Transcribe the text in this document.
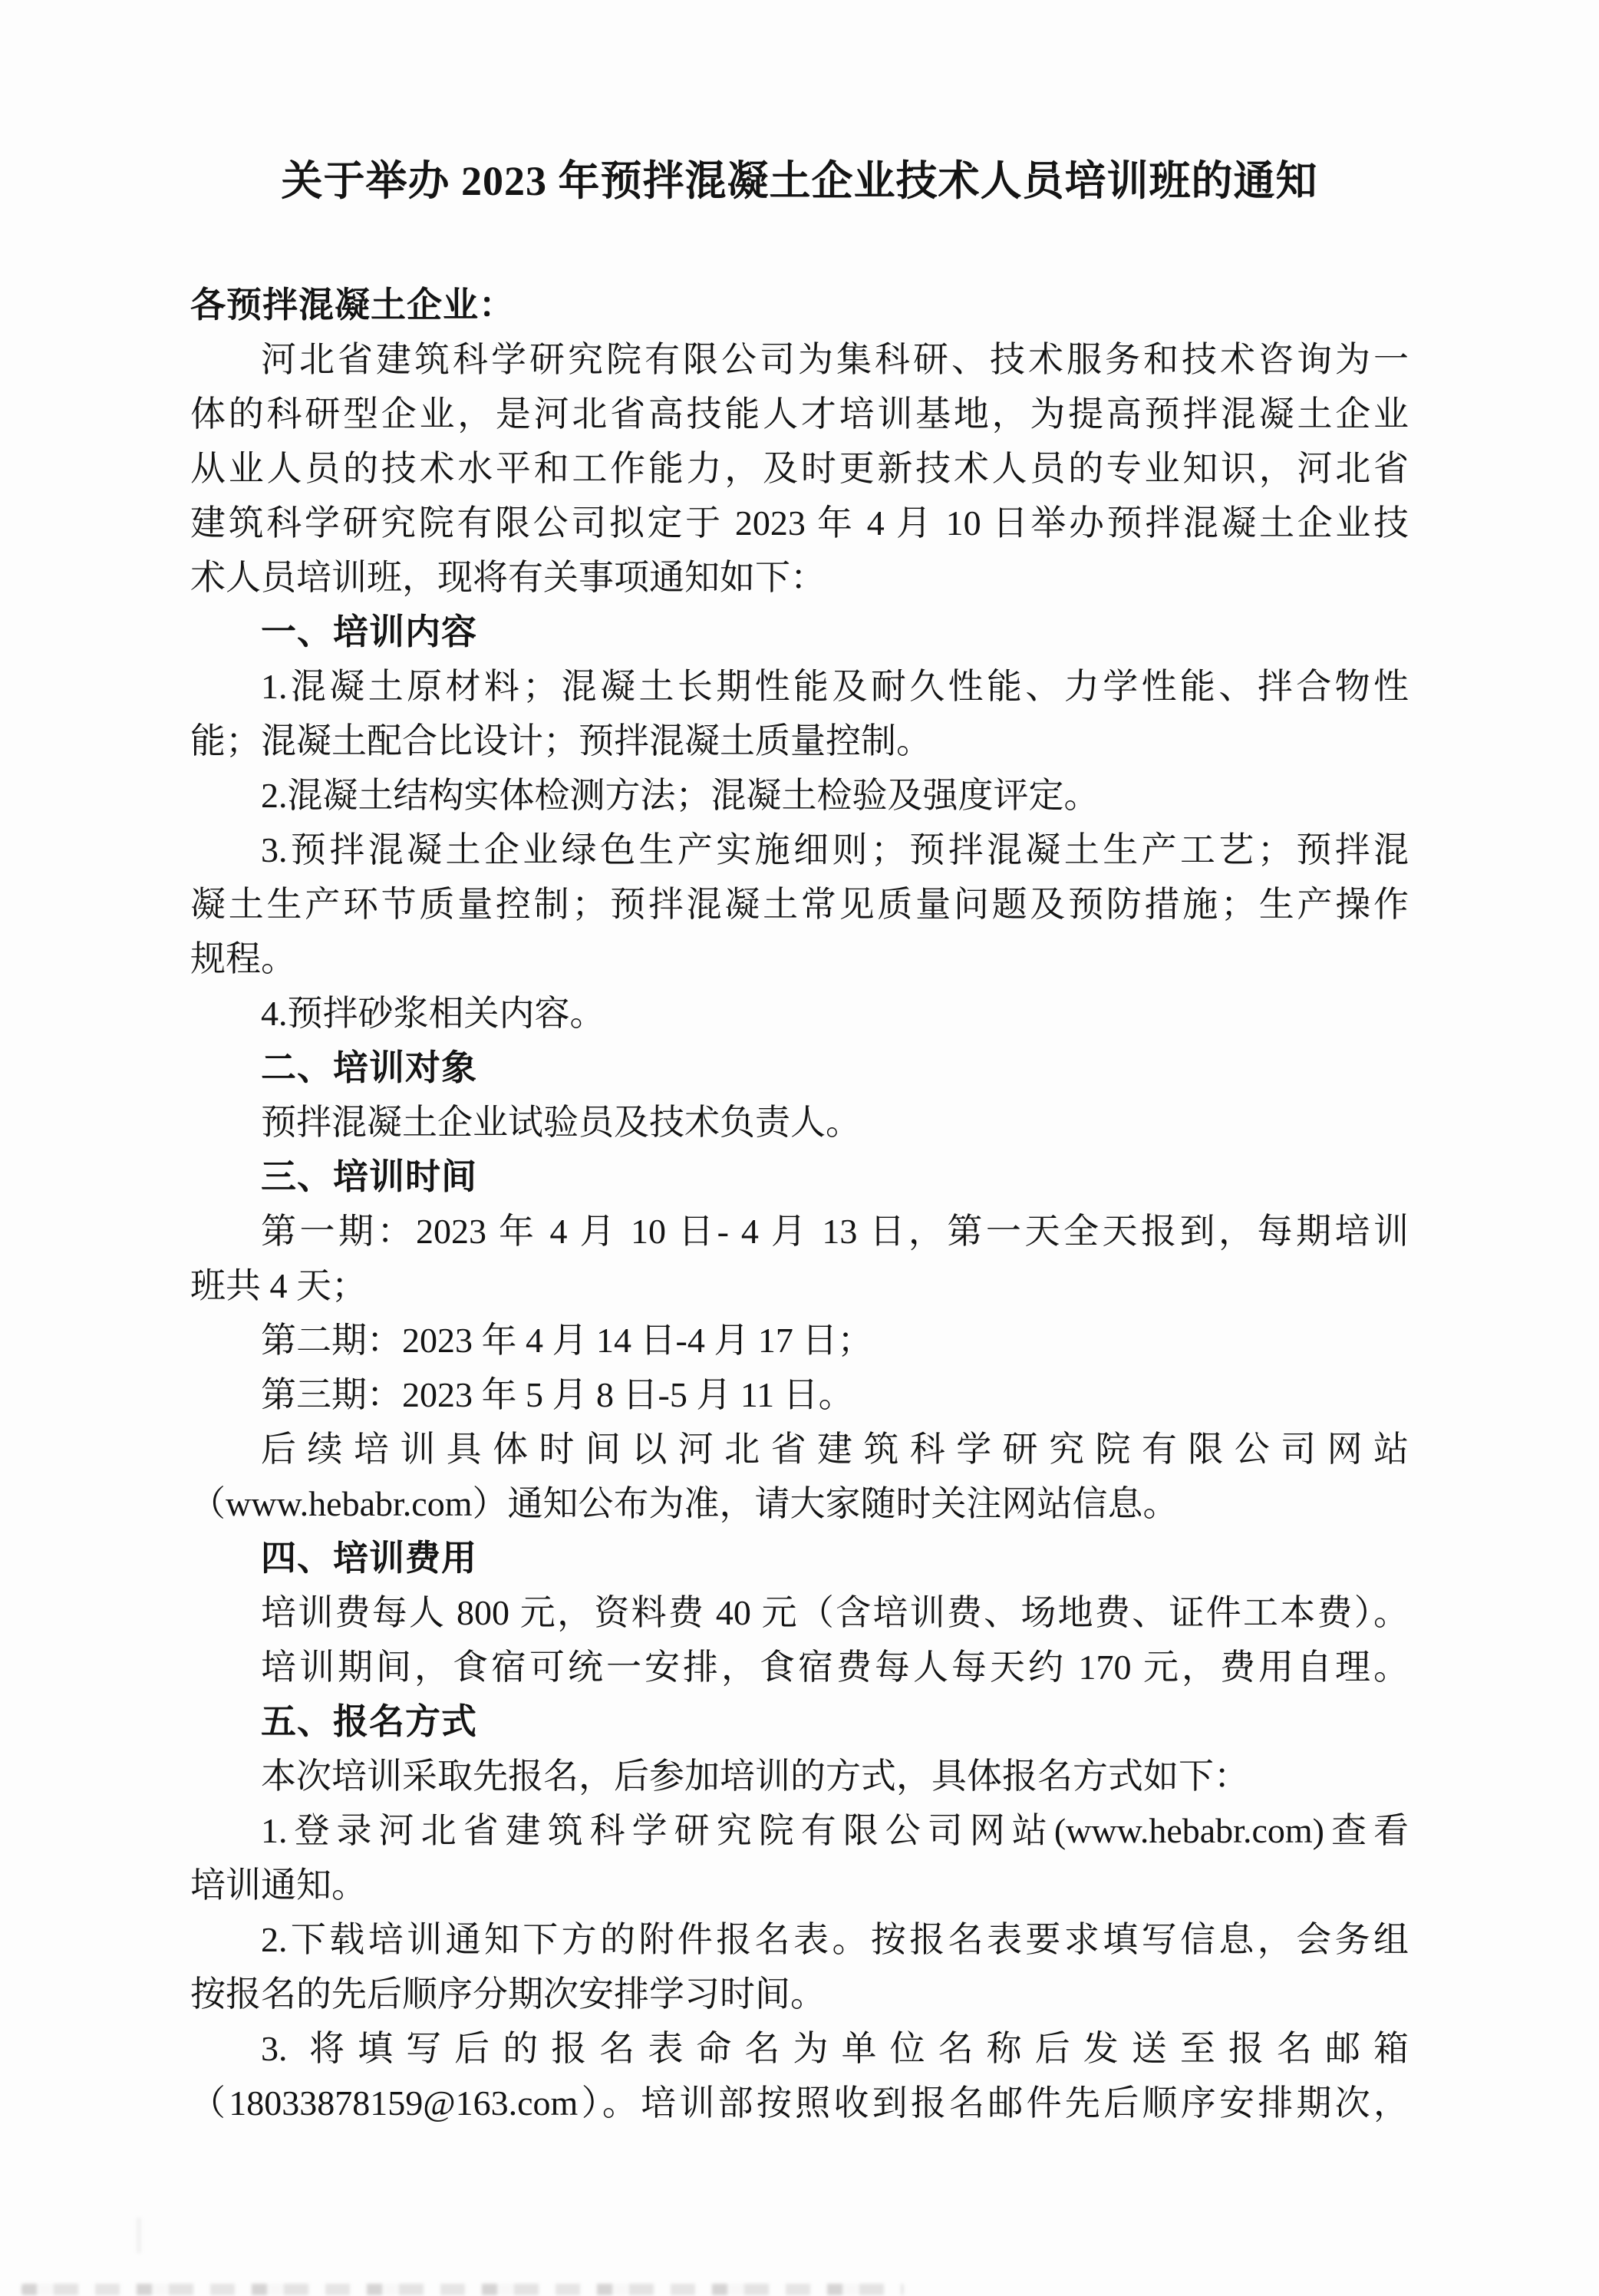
关于举办 2023 年预拌混凝土企业技术人员培训班的通知
各预拌混凝土企业：
河北省建筑科学研究院有限公司为集科研、技术服务和技术咨询为一
体的科研型企业，是河北省高技能人才培训基地，为提高预拌混凝土企业
从业人员的技术水平和工作能力，及时更新技术人员的专业知识，河北省
建筑科学研究院有限公司拟定于 2023 年 4 月 10 日举办预拌混凝土企业技
术人员培训班，现将有关事项通知如下：
一、培训内容
1.混凝土原材料；混凝土长期性能及耐久性能、力学性能、拌合物性
能；混凝土配合比设计；预拌混凝土质量控制。
2.混凝土结构实体检测方法；混凝土检验及强度评定。
3.预拌混凝土企业绿色生产实施细则；预拌混凝土生产工艺；预拌混
凝土生产环节质量控制；预拌混凝土常见质量问题及预防措施；生产操作
规程。
4.预拌砂浆相关内容。
二、培训对象
预拌混凝土企业试验员及技术负责人。
三、培训时间
第一期：2023 年 4 月 10 日- 4 月 13 日，第一天全天报到，每期培训
班共 4 天；
第二期：2023 年 4 月 14 日-4 月 17 日；
第三期：2023 年 5 月 8 日-5 月 11 日。
后续培训具体时间以河北省建筑科学研究院有限公司网站
（www.hebabr.com）通知公布为准，请大家随时关注网站信息。
四、培训费用
培训费每人 800 元，资料费 40 元（含培训费、场地费、证件工本费）。
培训期间，食宿可统一安排，食宿费每人每天约 170 元，费用自理。
五、报名方式
本次培训采取先报名，后参加培训的方式，具体报名方式如下：
1.登录河北省建筑科学研究院有限公司网站(www.hebabr.com)查看
培训通知。
2.下载培训通知下方的附件报名表。按报名表要求填写信息，会务组
按报名的先后顺序分期次安排学习时间。
3. 将填写后的报名表命名为单位名称后发送至报名邮箱
（18033878159@163.com）。培训部按照收到报名邮件先后顺序安排期次，
